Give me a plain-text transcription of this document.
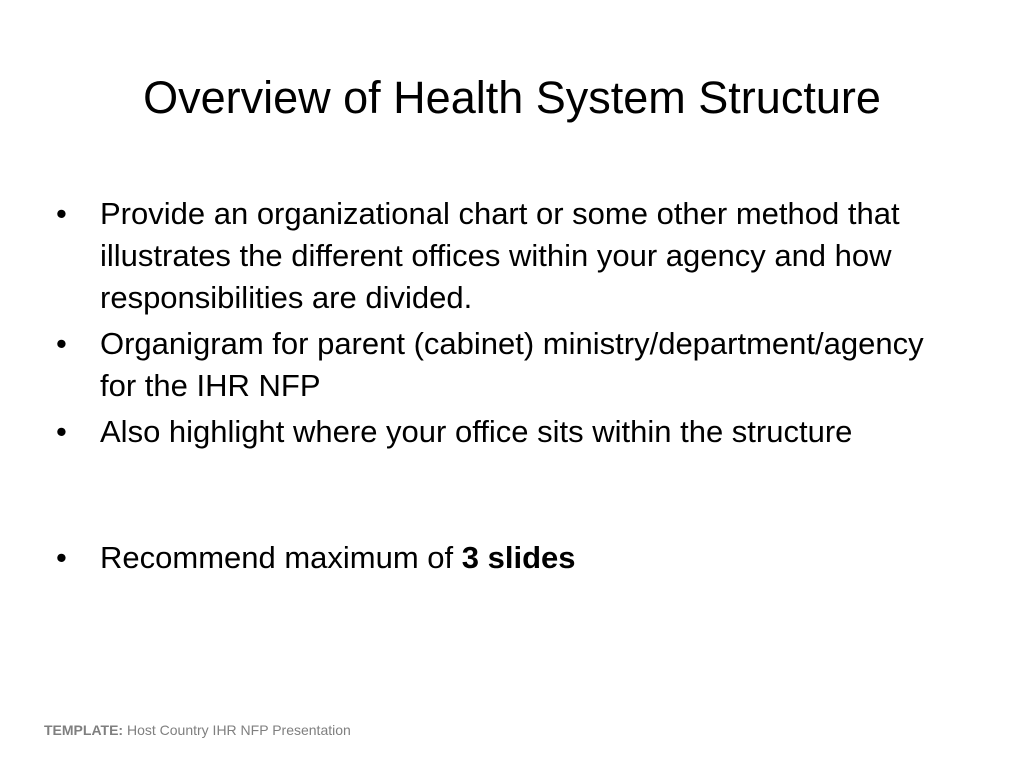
Overview of Health System Structure
•	Provide an organizational chart or some other method that illustrates the different offices within your agency and how responsibilities are divided.
•	Organigram for parent (cabinet) ministry/department/agency for the IHR NFP
•	Also highlight where your office sits within the structure
•	Recommend maximum of 3 slides
TEMPLATE: Host Country IHR NFP Presentation
